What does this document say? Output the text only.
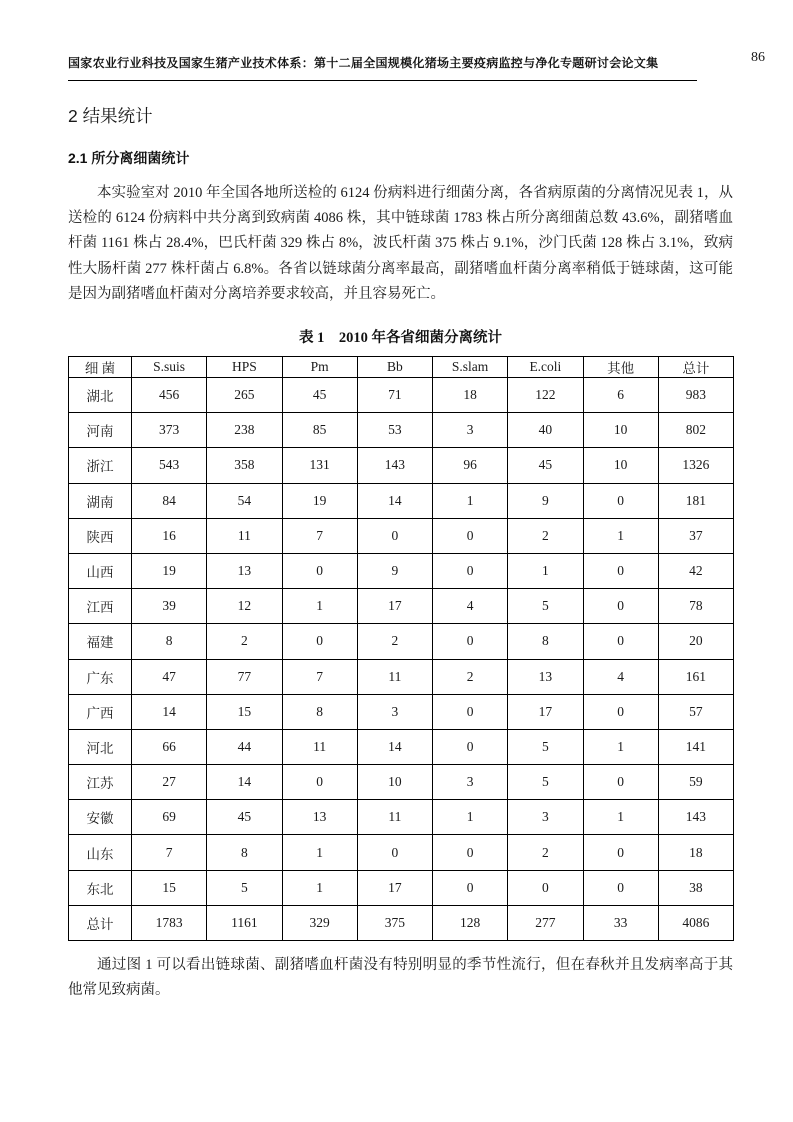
86
国家农业行业科技及国家生猪产业技术体系：第十二届全国规模化猪场主要疫病监控与净化专题研讨会论文集
2 结果统计
2.1 所分离细菌统计

本实验室对 2010 年全国各地所送检的 6124 份病料进行细菌分离，各省病原菌的分离情况见表 1，从送检的 6124 份病料中共分离到致病菌 4086 株，其中链球菌 1783 株占所分离细菌总数 43.6%，副猪嗜血杆菌 1161 株占 28.4%，巴氏杆菌 329 株占 8%，波氏杆菌 375 株占 9.1%，沙门氏菌 128 株占 3.1%，致病性大肠杆菌 277 株杆菌占 6.8%。各省以链球菌分离率最高，副猪嗜血杆菌分离率稍低于链球菌，这可能是因为副猪嗜血杆菌对分离培养要求较高，并且容易死亡。

表 1　2010 年各省细菌分离统计
细 菌	S.suis	HPS	Pm	Bb	S.slam	E.coli	其他	总计
湖北	456	265	45	71	18	122	6	983
河南	373	238	85	53	3	40	10	802
浙江	543	358	131	143	96	45	10	1326
湖南	84	54	19	14	1	9	0	181
陕西	16	11	7	0	0	2	1	37
山西	19	13	0	9	0	1	0	42
江西	39	12	1	17	4	5	0	78
福建	8	2	0	2	0	8	0	20
广东	47	77	7	11	2	13	4	161
广西	14	15	8	3	0	17	0	57
河北	66	44	11	14	0	5	1	141
江苏	27	14	0	10	3	5	0	59
安徽	69	45	13	11	1	3	1	143
山东	7	8	1	0	0	2	0	18
东北	15	5	1	17	0	0	0	38
总计	1783	1161	329	375	128	277	33	4086

通过图 1 可以看出链球菌、副猪嗜血杆菌没有特别明显的季节性流行，但在春秋并且发病率高于其他常见致病菌。
